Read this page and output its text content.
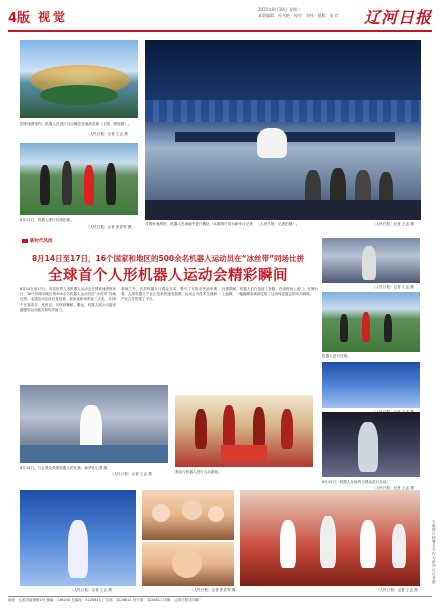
4版 视觉
2025年8月19日 星期二
本版编辑：孙书艳 · 校对：刘伟 · 组版：张 红 辽河日报
国家速滑馆内，机器人在进行自由操控及速滑竞赛（上图，侧视图）。
〈人民日报〉记者 王孟 摄
8月17日，机器人进行足球比赛。
〈人民日报〉记者 张武军 摄
在国家速滑馆，机器人在场地中进行搬运（本版图片均为新华社记者、〈人民日报〉记者拍摄）。	〈人民日报〉记者 王孟 摄
新时代风尚
8月14日至17日，16个国家和地区的500余名机器人运动员在“冰丝带”同场比拼
全球首个人形机器人运动会精彩瞬间
8月14日至17日，首届世界人形机器人运动会在国家速滑馆举行，16个国家和地区的500余名机器人运动员在“冰丝带”同场比拼。本届运动会设有竞技赛、表演赛和场景赛三大类，共26个比赛项目。从田径、足球到舞蹈、搬运，机器人展示出越来越强的运动能力和协作能力。
赛场之外，各类机器人与观众互动，吸引了大批市民前来观看。人形机器人产业正迎来快速发展期，运动会为技术交流和产业合作搭建了平台。
比赛期间，机器人们在赛道上奔跑、在绿茵场上射门、在舞台上起舞，一幅幅精彩画面定格了这场科技盛会的动人瞬间。
〈人民日报〉记者 王孟 摄
机器人进行比赛。
8月14日，与会观众观看机器人的比赛。新华社记者 摄
〈人民日报〉记者 王孟 摄	观众与机器人进行互动游戏。
8月15日，机器人在场内与观众进行互动。
〈人民日报〉记者 王孟 摄
〈人民日报〉记者 王孟 摄	〈人民日报〉记者 张武军 摄	〈人民日报〉记者 王孟 摄
本版图片除署名外均为新华社记者摄
地址：辽源市南康街1号 邮编：136200 总编室：3226811 广告部：3226811 发行部：3226811 印刷：辽源日报社印刷厂
